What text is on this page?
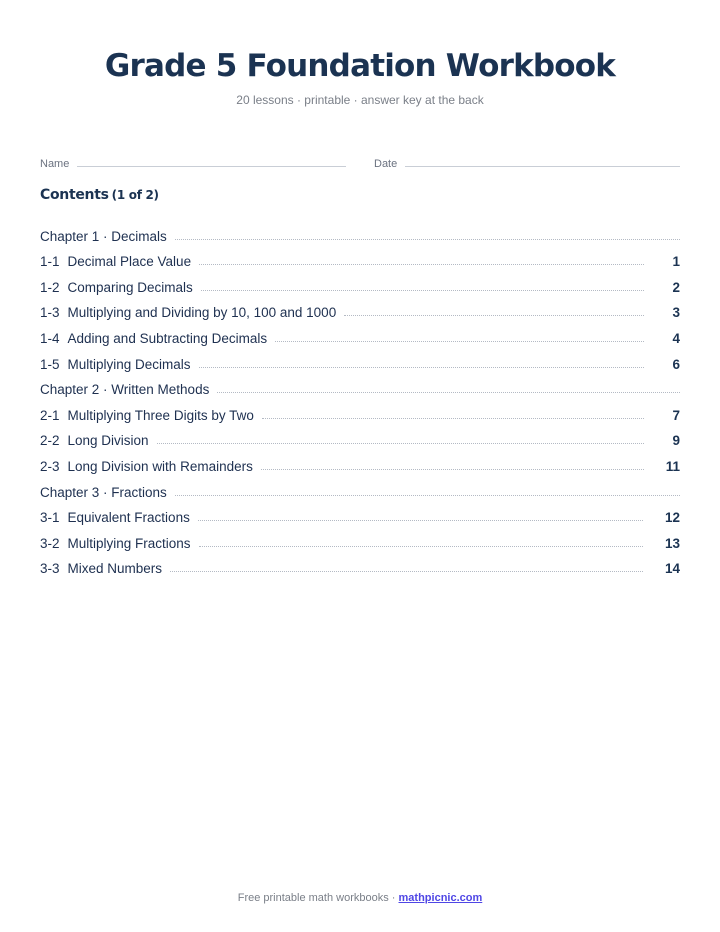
Grade 5 Foundation Workbook
20 lessons · printable · answer key at the back
Name	Date
Contents (1 of 2)
Chapter 1 · Decimals
1-1 Decimal Place Value	1
1-2 Comparing Decimals	2
1-3 Multiplying and Dividing by 10, 100 and 1000	3
1-4 Adding and Subtracting Decimals	4
1-5 Multiplying Decimals	6
Chapter 2 · Written Methods
2-1 Multiplying Three Digits by Two	7
2-2 Long Division	9
2-3 Long Division with Remainders	11
Chapter 3 · Fractions
3-1 Equivalent Fractions	12
3-2 Multiplying Fractions	13
3-3 Mixed Numbers	14
Free printable math workbooks · mathpicnic.com
